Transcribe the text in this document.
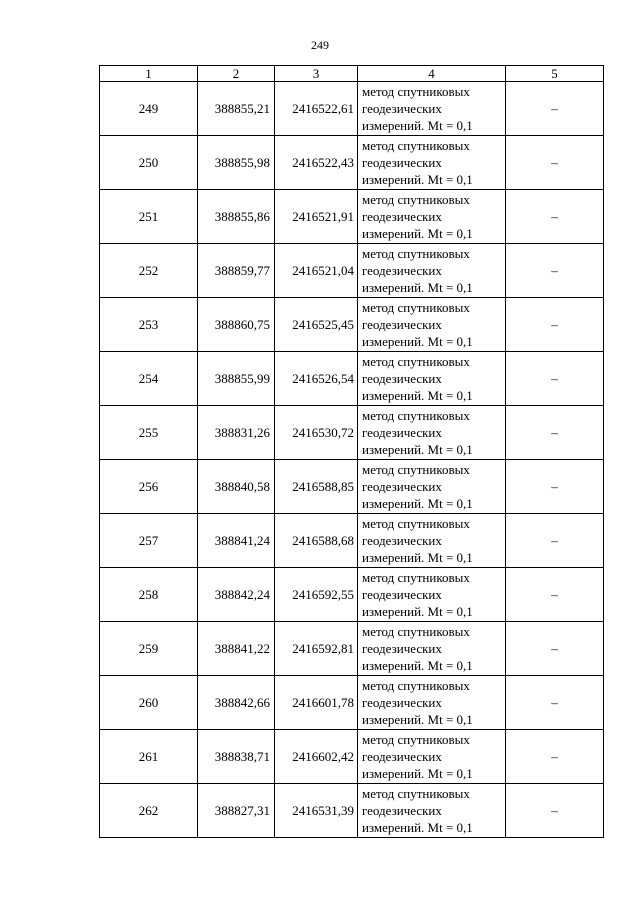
249
1	2	3	4	5
249	388855,21	2416522,61	метод спутниковых
геодезических
измерений. Mt = 0,1	–
250	388855,98	2416522,43	метод спутниковых
геодезических
измерений. Mt = 0,1	–
251	388855,86	2416521,91	метод спутниковых
геодезических
измерений. Mt = 0,1	–
252	388859,77	2416521,04	метод спутниковых
геодезических
измерений. Mt = 0,1	–
253	388860,75	2416525,45	метод спутниковых
геодезических
измерений. Mt = 0,1	–
254	388855,99	2416526,54	метод спутниковых
геодезических
измерений. Mt = 0,1	–
255	388831,26	2416530,72	метод спутниковых
геодезических
измерений. Mt = 0,1	–
256	388840,58	2416588,85	метод спутниковых
геодезических
измерений. Mt = 0,1	–
257	388841,24	2416588,68	метод спутниковых
геодезических
измерений. Mt = 0,1	–
258	388842,24	2416592,55	метод спутниковых
геодезических
измерений. Mt = 0,1	–
259	388841,22	2416592,81	метод спутниковых
геодезических
измерений. Mt = 0,1	–
260	388842,66	2416601,78	метод спутниковых
геодезических
измерений. Mt = 0,1	–
261	388838,71	2416602,42	метод спутниковых
геодезических
измерений. Mt = 0,1	–
262	388827,31	2416531,39	метод спутниковых
геодезических
измерений. Mt = 0,1	–
